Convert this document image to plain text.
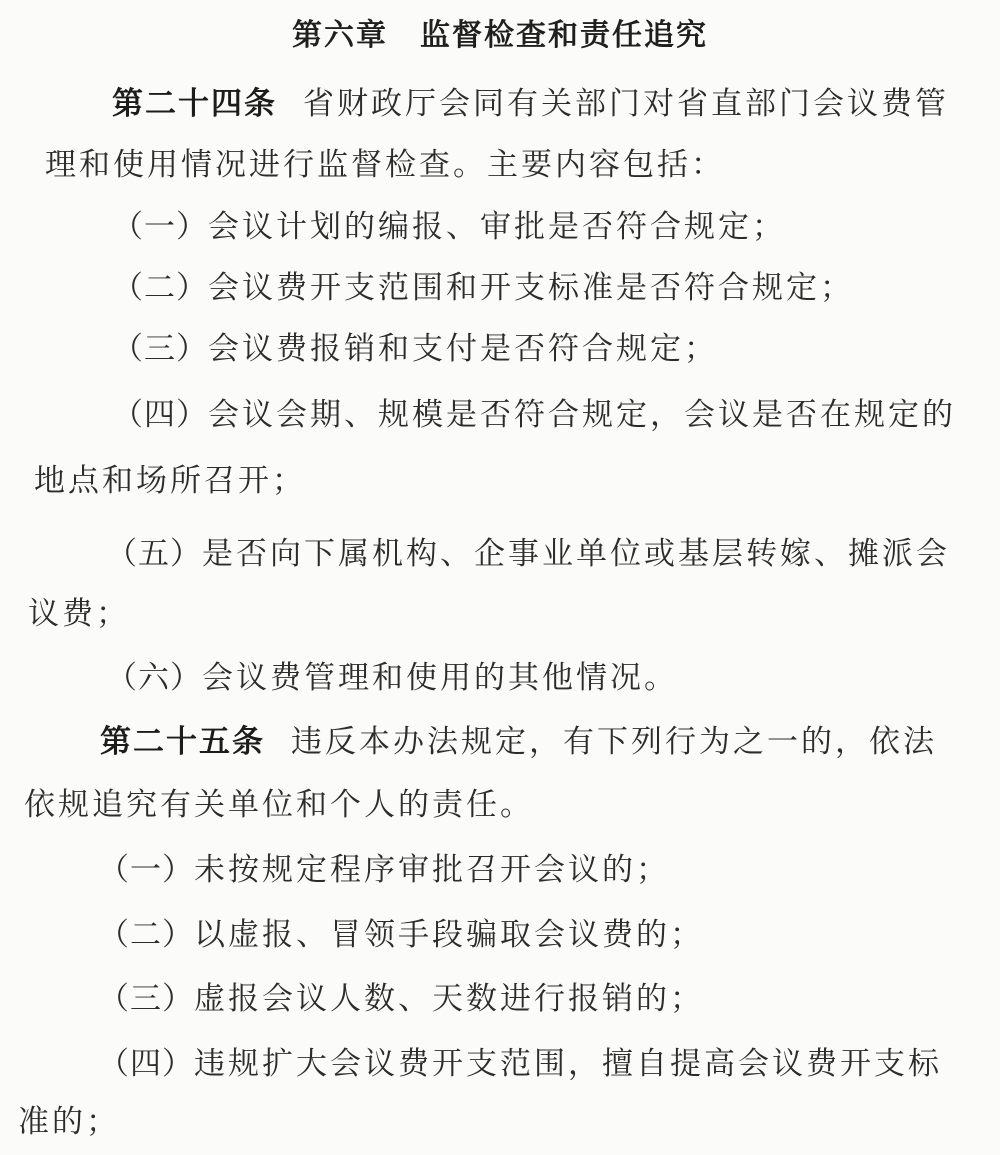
第六章　监督检查和责任追究
第二十四条 省财政厅会同有关部门对省直部门会议费管
理和使用情况进行监督检查。主要内容包括：
（一）会议计划的编报、审批是否符合规定；
（二）会议费开支范围和开支标准是否符合规定；
（三）会议费报销和支付是否符合规定；
（四）会议会期、规模是否符合规定，会议是否在规定的
地点和场所召开；
（五）是否向下属机构、企事业单位或基层转嫁、摊派会
议费；
（六）会议费管理和使用的其他情况。
第二十五条 违反本办法规定，有下列行为之一的，依法
依规追究有关单位和个人的责任。
（一）未按规定程序审批召开会议的；
（二）以虚报、冒领手段骗取会议费的；
（三）虚报会议人数、天数进行报销的；
（四）违规扩大会议费开支范围，擅自提高会议费开支标
准的；
